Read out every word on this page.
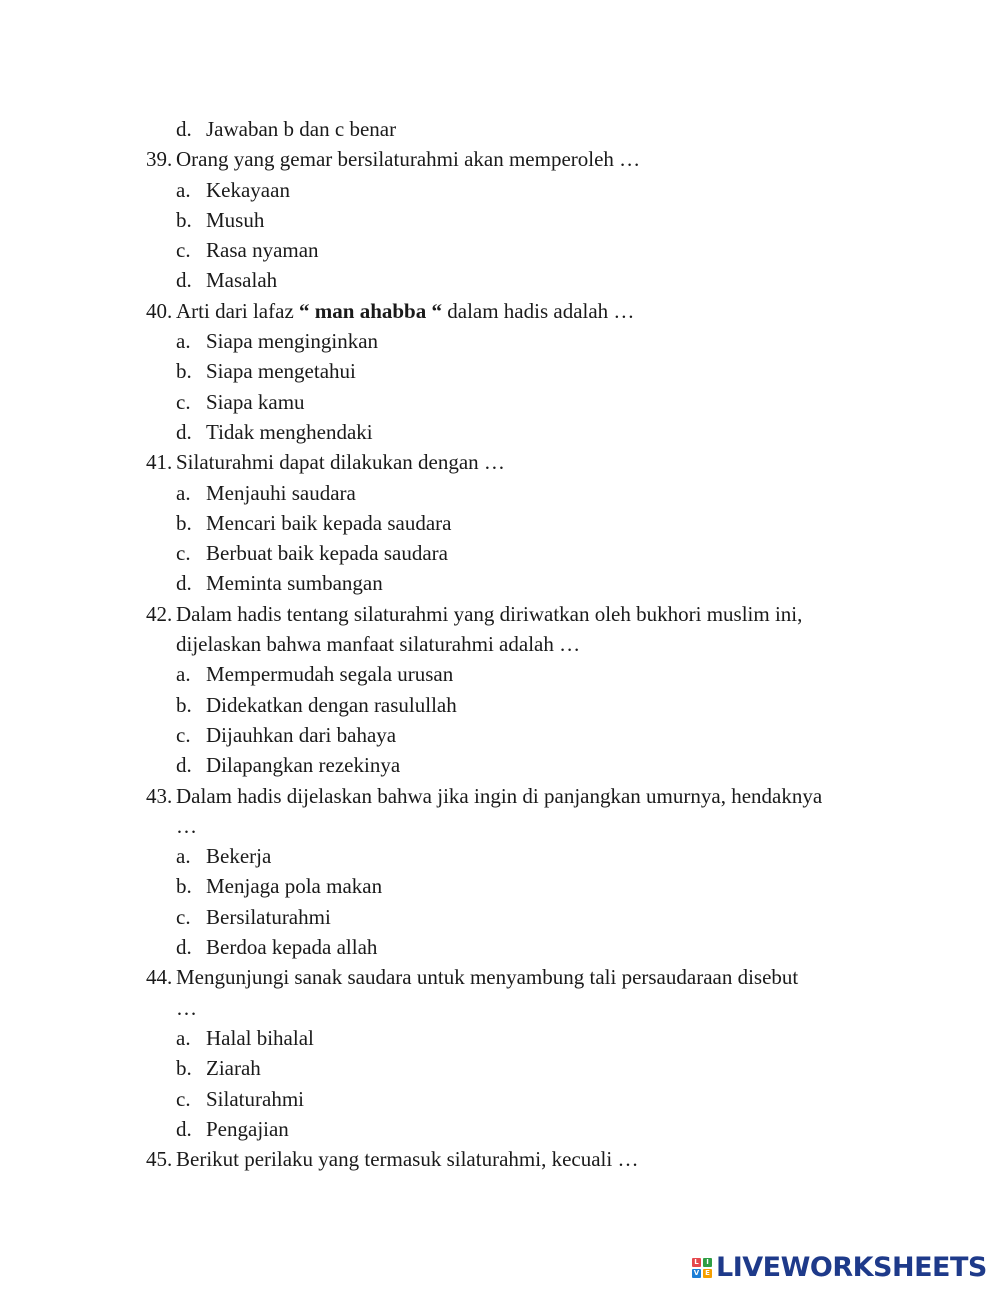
d. Jawaban b dan c benar
39. Orang yang gemar bersilaturahmi akan memperoleh …
a. Kekayaan
b. Musuh
c. Rasa nyaman
d. Masalah
40. Arti dari lafaz “ man ahabba “ dalam hadis adalah …
a. Siapa menginginkan
b. Siapa mengetahui
c. Siapa kamu
d. Tidak menghendaki
41. Silaturahmi dapat dilakukan dengan …
a. Menjauhi saudara
b. Mencari baik kepada saudara
c. Berbuat baik kepada saudara
d. Meminta sumbangan
42. Dalam hadis tentang silaturahmi yang diriwatkan oleh bukhori muslim ini,
dijelaskan bahwa manfaat silaturahmi adalah …
a. Mempermudah segala urusan
b. Didekatkan dengan rasulullah
c. Dijauhkan dari bahaya
d. Dilapangkan rezekinya
43. Dalam hadis dijelaskan bahwa jika ingin di panjangkan umurnya, hendaknya
…
a. Bekerja
b. Menjaga pola makan
c. Bersilaturahmi
d. Berdoa kepada allah
44. Mengunjungi sanak saudara untuk menyambung tali persaudaraan disebut
…
a. Halal bihalal
b. Ziarah
c. Silaturahmi
d. Pengajian
45. Berikut perilaku yang termasuk silaturahmi, kecuali …
L	I
V E LIVEWORKSHEETS
